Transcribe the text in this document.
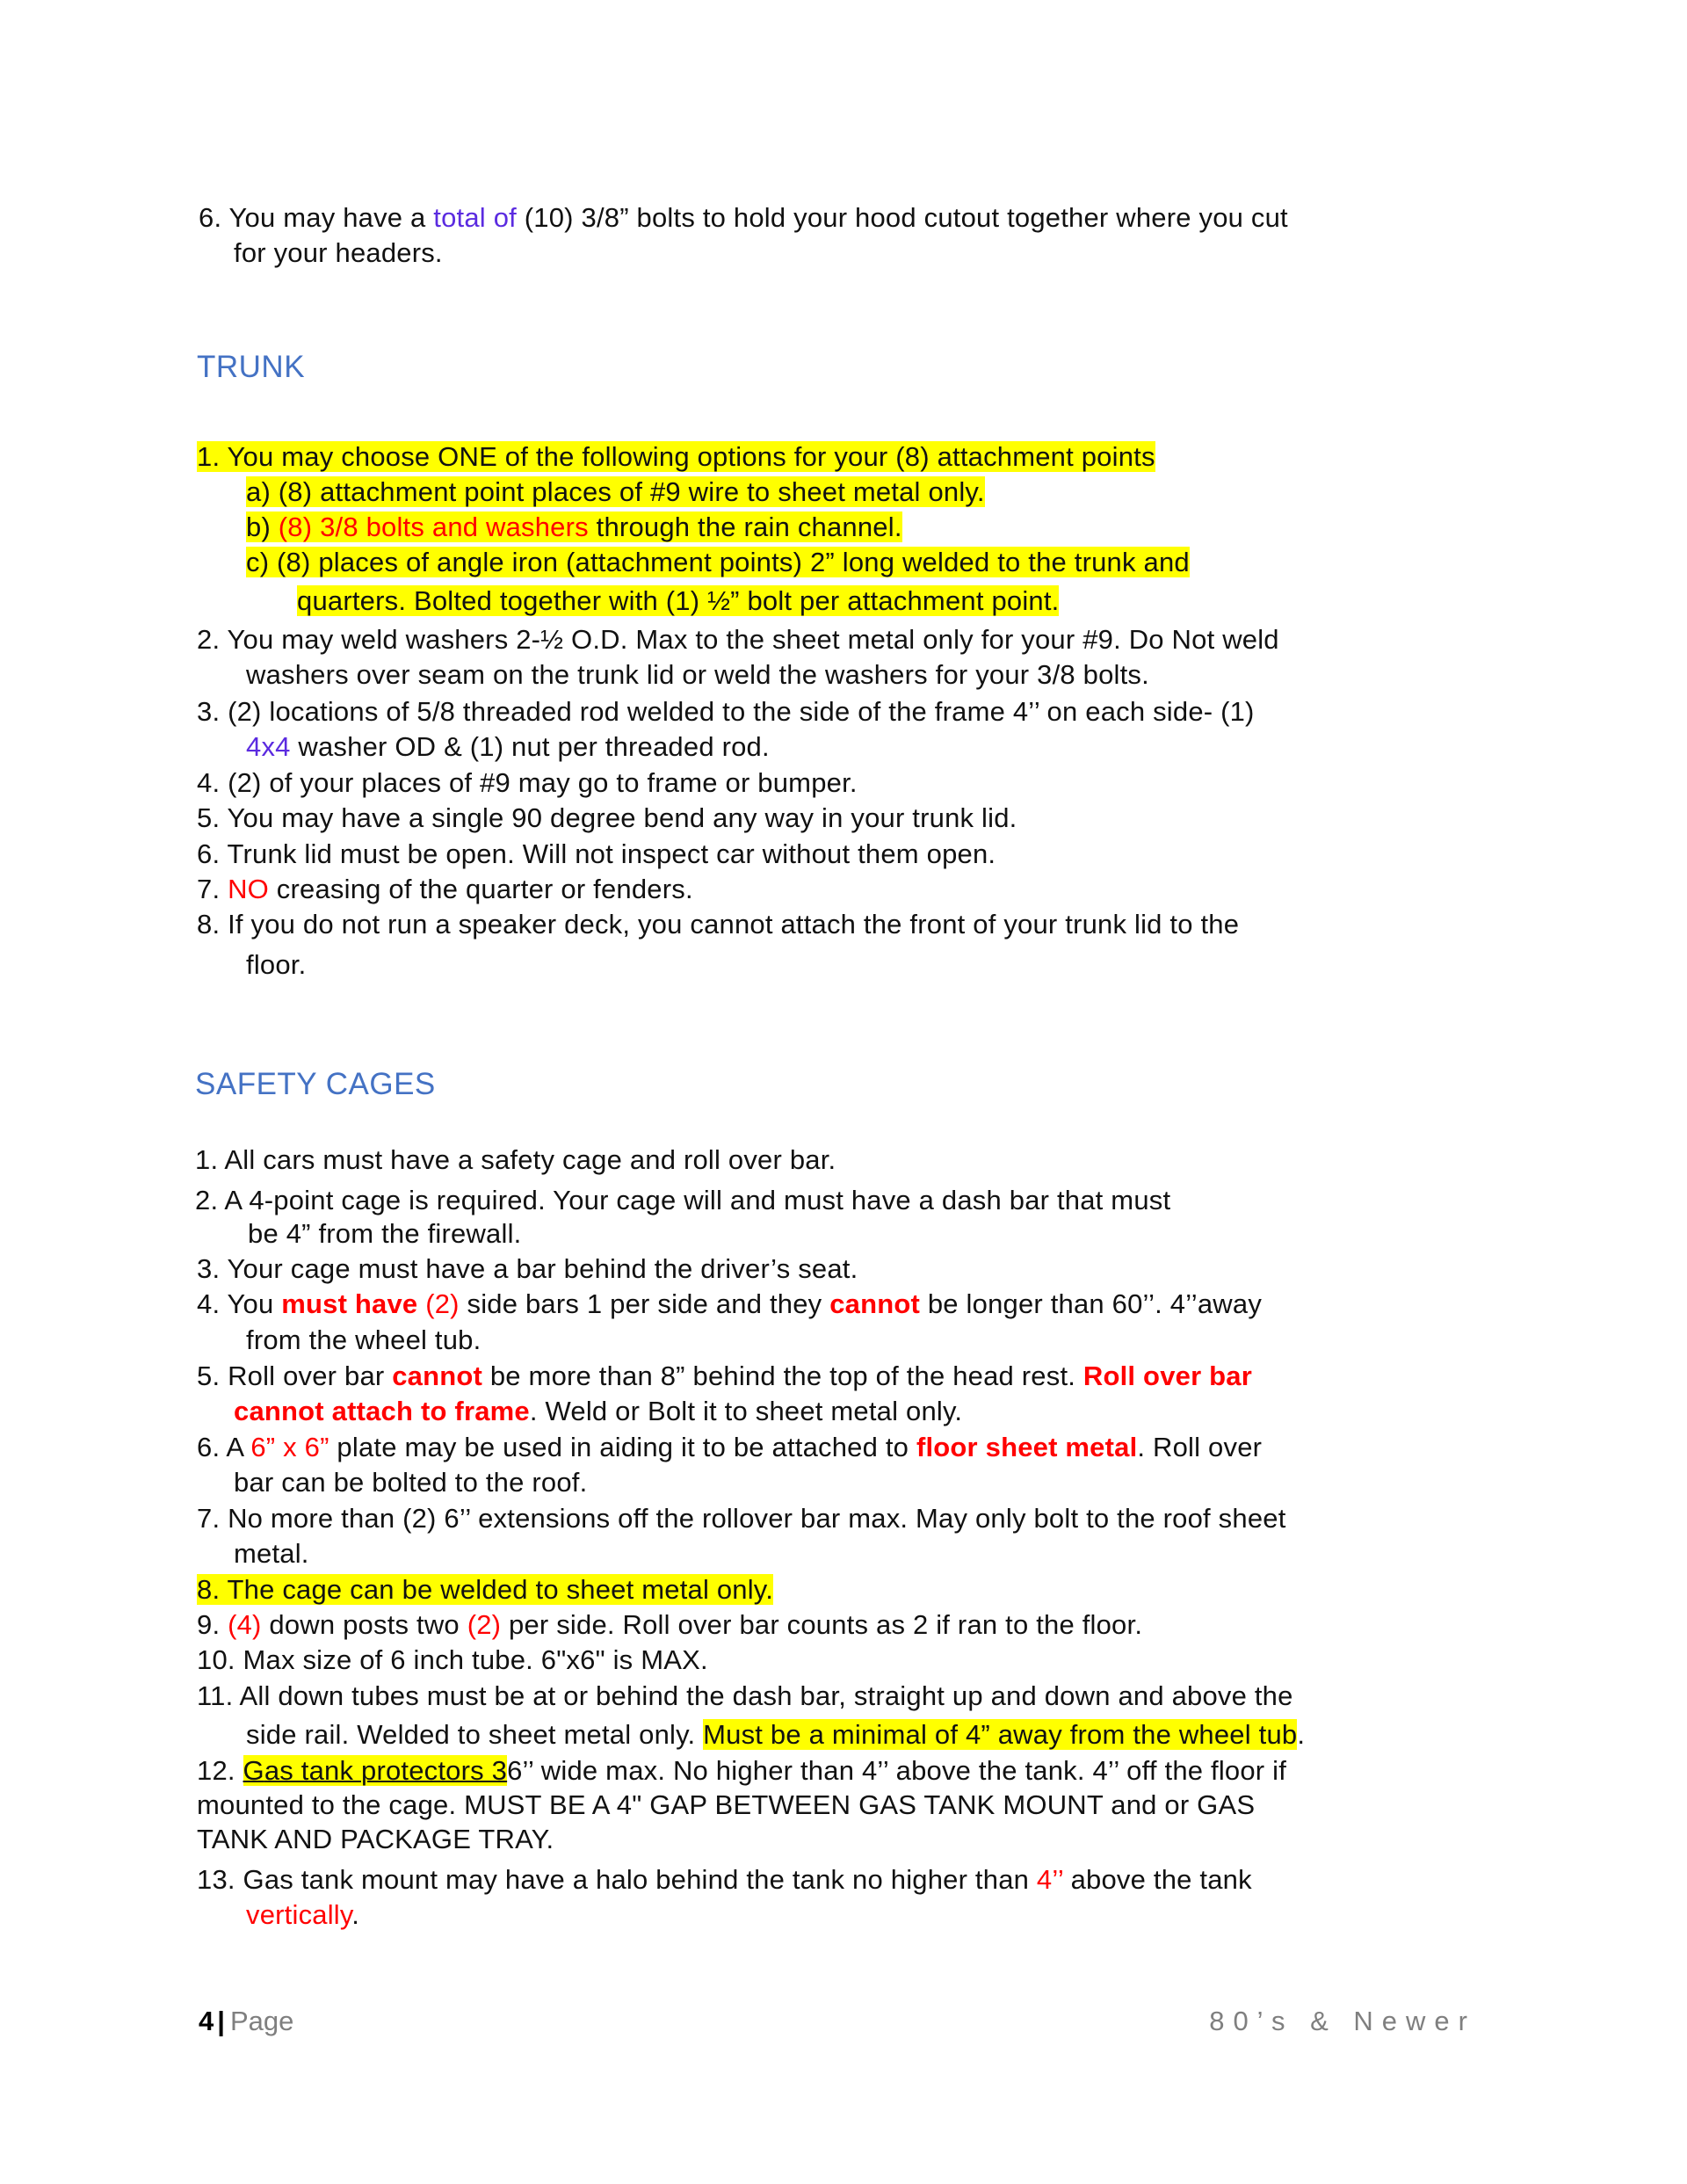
6. You may have a total of (10) 3/8” bolts to hold your hood cutout together where you cut
for your headers.
TRUNK
1. You may choose ONE of the following options for your (8) attachment points
a) (8) attachment point places of #9 wire to sheet metal only.
b) (8) 3/8 bolts and washers through the rain channel.
c) (8) places of angle iron (attachment points) 2” long welded to the trunk and
quarters. Bolted together with (1) ½” bolt per attachment point.
2. You may weld washers 2-½ O.D. Max to the sheet metal only for your #9. Do Not weld
washers over seam on the trunk lid or weld the washers for your 3/8 bolts.
3. (2) locations of 5/8 threaded rod welded to the side of the frame 4’’ on each side- (1)
4x4 washer OD & (1) nut per threaded rod.
4. (2) of your places of #9 may go to frame or bumper.
5. You may have a single 90 degree bend any way in your trunk lid.
6. Trunk lid must be open. Will not inspect car without them open.
7. NO creasing of the quarter or fenders.
8. If you do not run a speaker deck, you cannot attach the front of your trunk lid to the
floor.
SAFETY CAGES
1. All cars must have a safety cage and roll over bar.
2. A 4-point cage is required. Your cage will and must have a dash bar that must
be 4” from the firewall.
3. Your cage must have a bar behind the driver’s seat.
4. You must have (2) side bars 1 per side and they cannot be longer than 60’’. 4’’away
from the wheel tub.
5. Roll over bar cannot be more than 8” behind the top of the head rest. Roll over bar
cannot attach to frame. Weld or Bolt it to sheet metal only.
6. A 6” x 6” plate may be used in aiding it to be attached to floor sheet metal. Roll over
bar can be bolted to the roof.
7. No more than (2) 6’’ extensions off the rollover bar max. May only bolt to the roof sheet
metal.
8. The cage can be welded to sheet metal only.
9. (4) down posts two (2) per side. Roll over bar counts as 2 if ran to the floor.
10. Max size of 6 inch tube. 6"x6" is MAX.
11. All down tubes must be at or behind the dash bar, straight up and down and above the
side rail. Welded to sheet metal only. Must be a minimal of 4” away from the wheel tub.
12. Gas tank protectors 36’’ wide max. No higher than 4’’ above the tank. 4’’ off the floor if
mounted to the cage. MUST BE A 4" GAP BETWEEN GAS TANK MOUNT and or GAS
TANK AND PACKAGE TRAY.
13. Gas tank mount may have a halo behind the tank no higher than 4’’ above the tank
vertically.
4 | Page	80’s & Newer
